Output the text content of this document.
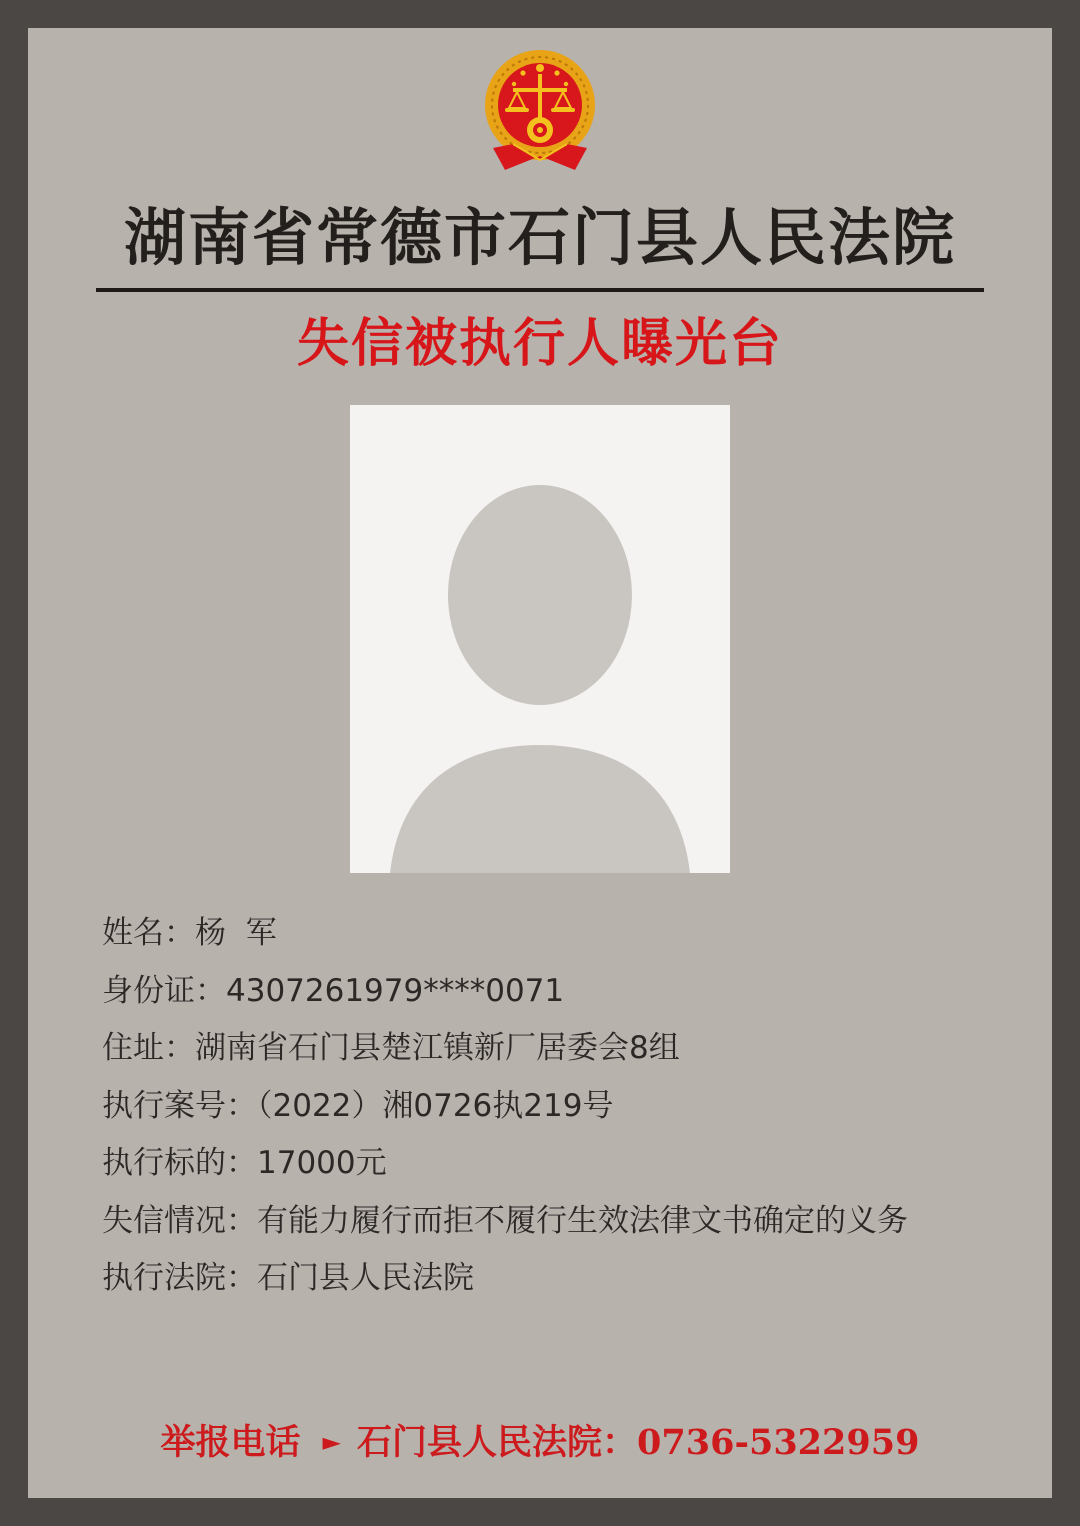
湖南省常德市石门县人民法院
失信被执行人曝光台
姓名：杨  军
身份证：4307261979****0071
住址：湖南省石门县楚江镇新厂居委会8组
执行案号：（2022）湘0726执219号
执行标的：17000元
失信情况：有能力履行而拒不履行生效法律文书确定的义务
执行法院：石门县人民法院
举报电话 ► 石门县人民法院：0736-5322959
